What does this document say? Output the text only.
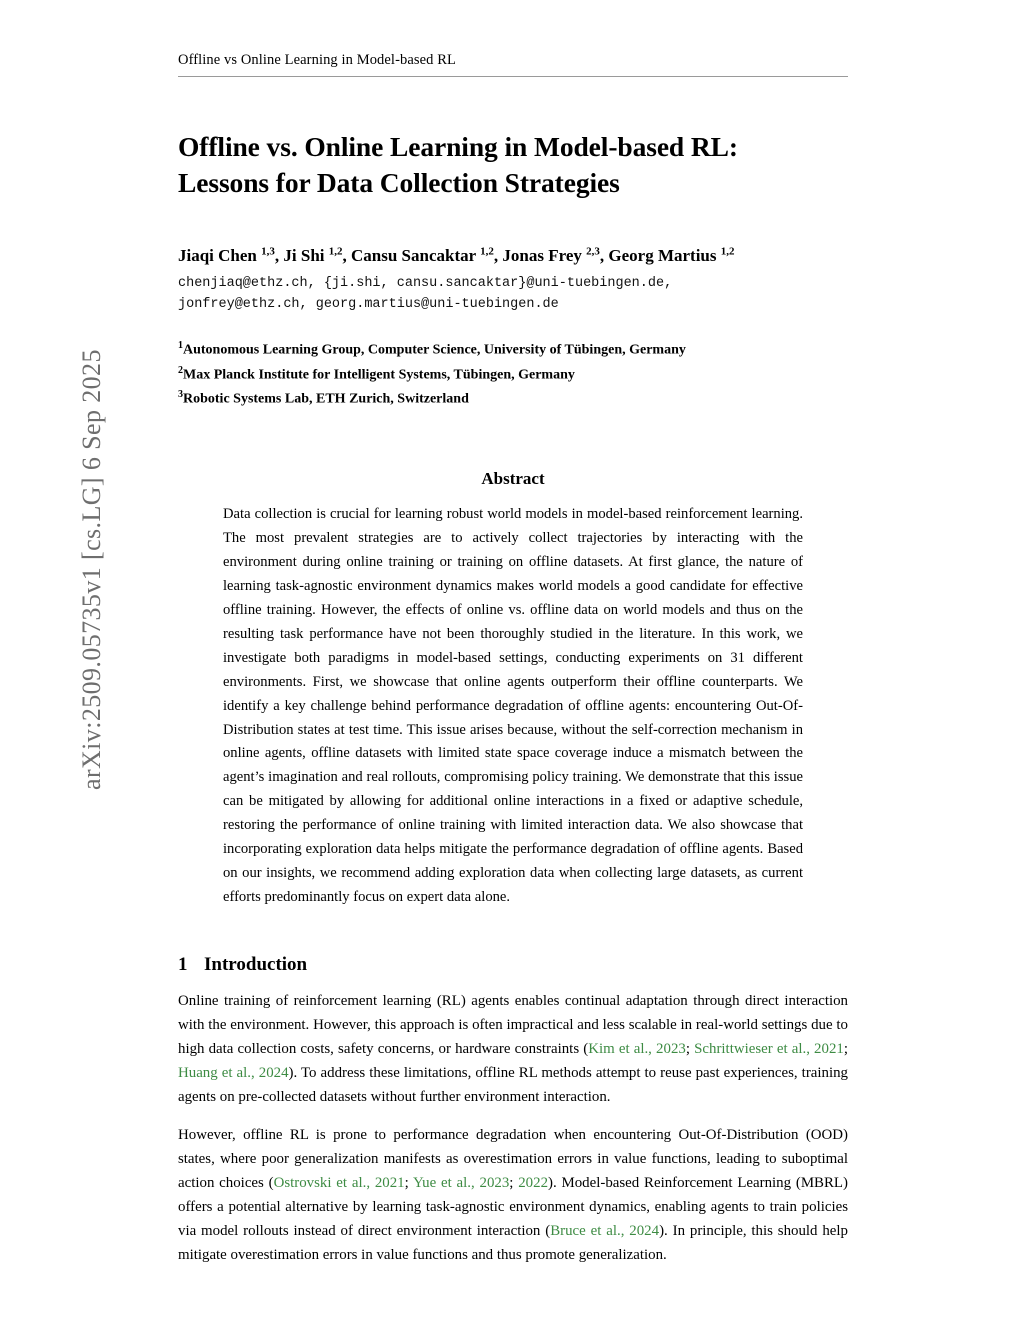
arXiv:2509.05735v1 [cs.LG] 6 Sep 2025
Offline vs Online Learning in Model-based RL
Offline vs. Online Learning in Model-based RL:
Lessons for Data Collection Strategies
Jiaqi Chen $^{1,3}$, Ji Shi $^{1,2}$, Cansu Sancaktar $^{1,2}$, Jonas Frey $^{2,3}$, Georg Martius $^{1,2}$
chenjiaq@ethz.ch, {ji.shi, cansu.sancaktar}@uni-tuebingen.de,
jonfrey@ethz.ch, georg.martius@uni-tuebingen.de
$^1$Autonomous Learning Group, Computer Science, University of Tübingen, Germany
$^2$Max Planck Institute for Intelligent Systems, Tübingen, Germany
$^3$Robotic Systems Lab, ETH Zurich, Switzerland
Abstract
Data collection is crucial for learning robust world models in model-based reinforcement learning. The most prevalent strategies are to actively collect trajectories by interacting with the environment during online training or training on offline datasets. At first glance, the nature of learning task-agnostic environment dynamics makes world models a good candidate for effective offline training. However, the effects of online vs. offline data on world models and thus on the resulting task performance have not been thoroughly studied in the literature. In this work, we investigate both paradigms in model-based settings, conducting experiments on 31 different environments. First, we showcase that online agents outperform their offline counterparts. We identify a key challenge behind performance degradation of offline agents: encountering Out-Of-Distribution states at test time. This issue arises because, without the self-correction mechanism in online agents, offline datasets with limited state space coverage induce a mismatch between the agent’s imagination and real rollouts, compromising policy training. We demonstrate that this issue can be mitigated by allowing for additional online interactions in a fixed or adaptive schedule, restoring the performance of online training with limited interaction data. We also showcase that incorporating exploration data helps mitigate the performance degradation of offline agents. Based on our insights, we recommend adding exploration data when collecting large datasets, as current efforts predominantly focus on expert data alone.
1 Introduction
Online training of reinforcement learning (RL) agents enables continual adaptation through direct interaction with the environment. However, this approach is often impractical and less scalable in real-world settings due to high data collection costs, safety concerns, or hardware constraints (Kim et al., 2023; Schrittwieser et al., 2021; Huang et al., 2024). To address these limitations, offline RL methods attempt to reuse past experiences, training agents on pre-collected datasets without further environment interaction.
However, offline RL is prone to performance degradation when encountering Out-Of-Distribution (OOD) states, where poor generalization manifests as overestimation errors in value functions, leading to suboptimal action choices (Ostrovski et al., 2021; Yue et al., 2023; 2022). Model-based Reinforcement Learning (MBRL) offers a potential alternative by learning task-agnostic environment dynamics, enabling agents to train policies via model rollouts instead of direct environment interaction (Bruce et al., 2024). In principle, this should help mitigate overestimation errors in value functions and thus promote generalization.
